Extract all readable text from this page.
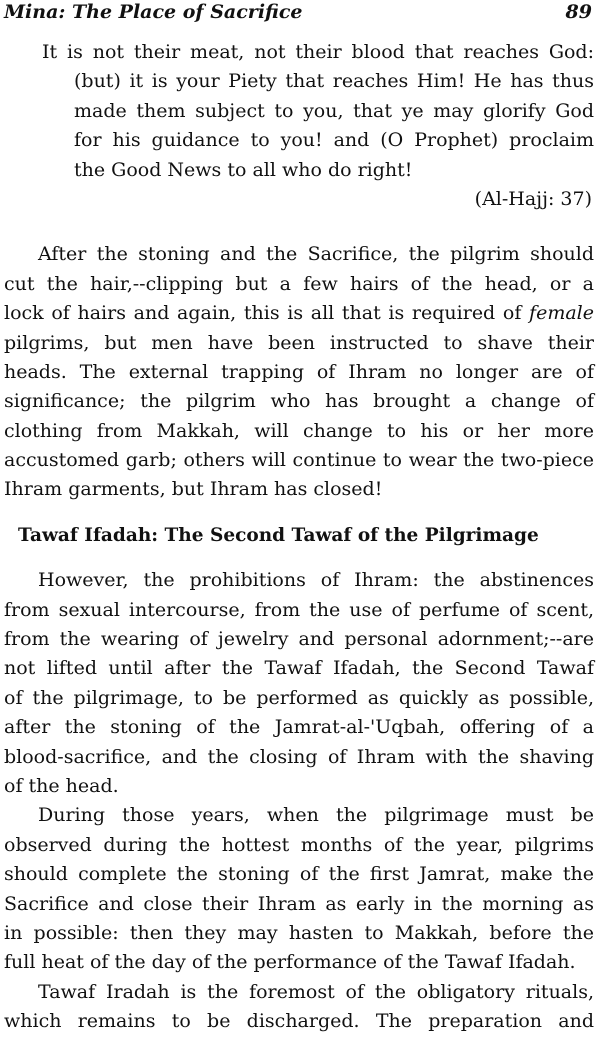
Mina: The Place of Sacrifice	89
It is not their meat, not their blood that reaches God:
(but) it is your Piety that reaches Him! He has thus
made them subject to you, that ye may glorify God
for his guidance to you! and (O Prophet) proclaim
the Good News to all who do right!
(Al-Hajj: 37)
After the stoning and the Sacrifice, the pilgrim should
cut the hair,--clipping but a few hairs of the head, or a
lock of hairs and again, this is all that is required of female
pilgrims, but men have been instructed to shave their
heads. The external trapping of Ihram no longer are of
significance; the pilgrim who has brought a change of
clothing from Makkah, will change to his or her more
accustomed garb; others will continue to wear the two-piece
Ihram garments, but Ihram has closed!
Tawaf Ifadah: The Second Tawaf of the Pilgrimage
However, the prohibitions of Ihram: the abstinences
from sexual intercourse, from the use of perfume of scent,
from the wearing of jewelry and personal adornment;--are
not lifted until after the Tawaf Ifadah, the Second Tawaf
of the pilgrimage, to be performed as quickly as possible,
after the stoning of the Jamrat-al-'Uqbah, offering of a
blood-sacrifice, and the closing of Ihram with the shaving
of the head.
During those years, when the pilgrimage must be
observed during the hottest months of the year, pilgrims
should complete the stoning of the first Jamrat, make the
Sacrifice and close their Ihram as early in the morning as
in possible: then they may hasten to Makkah, before the
full heat of the day of the performance of the Tawaf Ifadah.
Tawaf Iradah is the foremost of the obligatory rituals,
which remains to be discharged. The preparation and
